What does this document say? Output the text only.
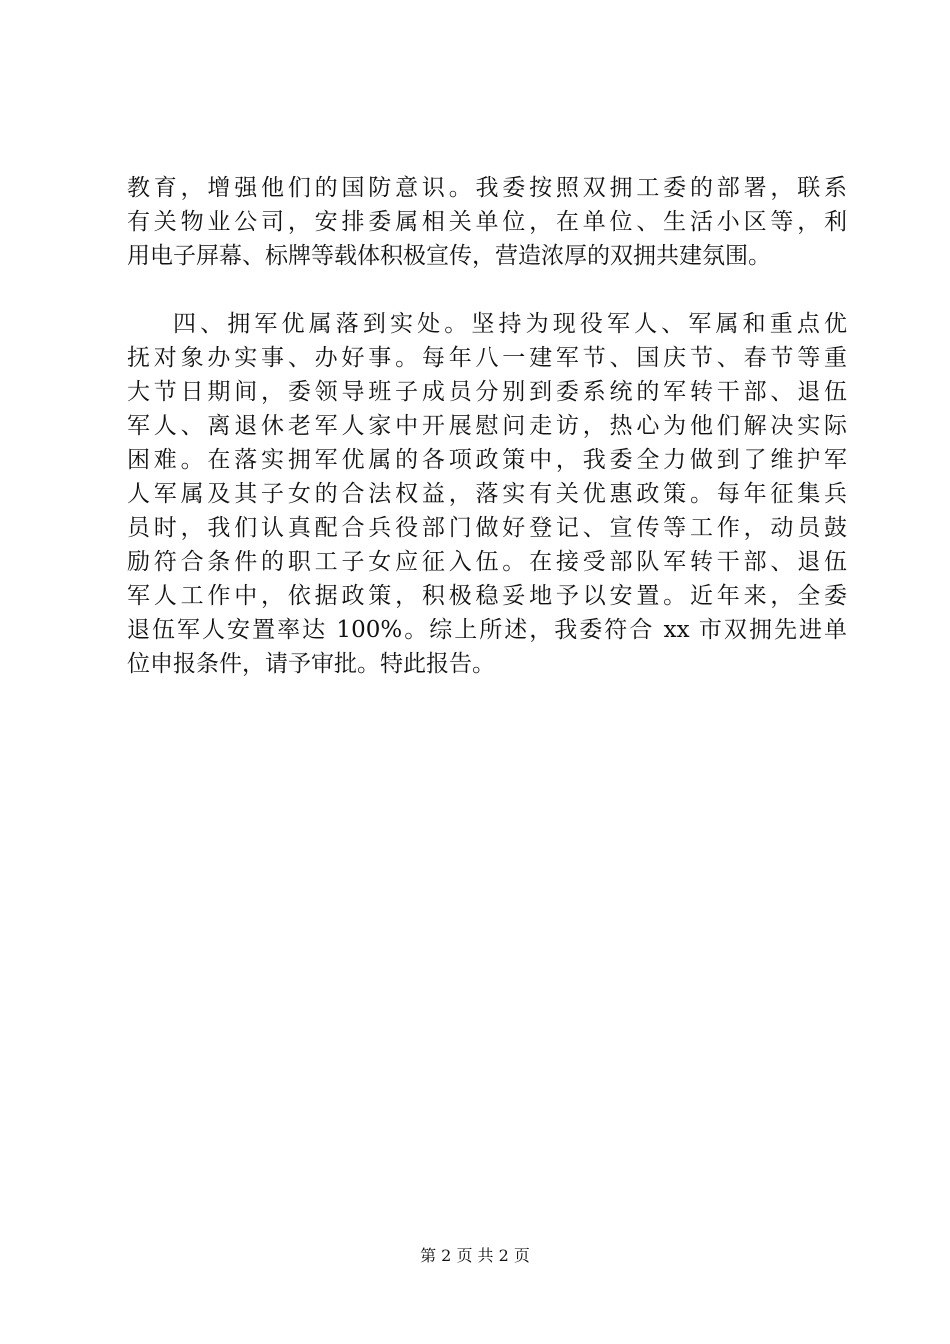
教育，增强他们的国防意识。我委按照双拥工委的部署，联系
有关物业公司，安排委属相关单位，在单位、生活小区等，利
用电子屏幕、标牌等载体积极宣传，营造浓厚的双拥共建氛围。
四、拥军优属落到实处。坚持为现役军人、军属和重点优
抚对象办实事、办好事。每年八一建军节、国庆节、春节等重
大节日期间，委领导班子成员分别到委系统的军转干部、退伍
军人、离退休老军人家中开展慰问走访，热心为他们解决实际
困难。在落实拥军优属的各项政策中，我委全力做到了维护军
人军属及其子女的合法权益，落实有关优惠政策。每年征集兵
员时，我们认真配合兵役部门做好登记、宣传等工作，动员鼓
励符合条件的职工子女应征入伍。在接受部队军转干部、退伍
军人工作中，依据政策，积极稳妥地予以安置。近年来，全委
退伍军人安置率达 100%。综上所述，我委符合 xx 市双拥先进单
位申报条件，请予审批。特此报告。
第 2 页 共 2 页
